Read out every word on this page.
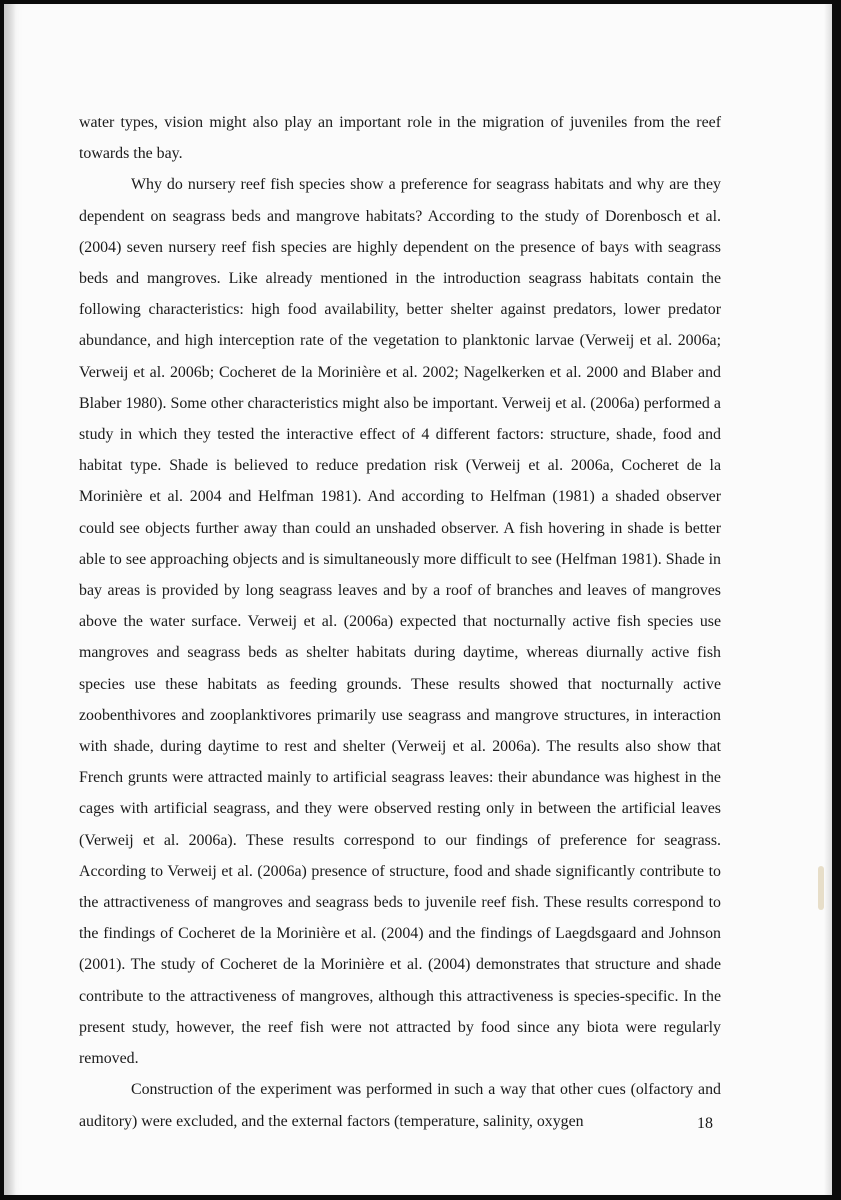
water types, vision might also play an important role in the migration of juveniles from the reef towards the bay.

Why do nursery reef fish species show a preference for seagrass habitats and why are they dependent on seagrass beds and mangrove habitats? According to the study of Dorenbosch et al. (2004) seven nursery reef fish species are highly dependent on the presence of bays with seagrass beds and mangroves. Like already mentioned in the introduction seagrass habitats contain the following characteristics: high food availability, better shelter against predators, lower predator abundance, and high interception rate of the vegetation to planktonic larvae (Verweij et al. 2006a; Verweij et al. 2006b; Cocheret de la Morinière et al. 2002; Nagelkerken et al. 2000 and Blaber and Blaber 1980). Some other characteristics might also be important. Verweij et al. (2006a) performed a study in which they tested the interactive effect of 4 different factors: structure, shade, food and habitat type. Shade is believed to reduce predation risk (Verweij et al. 2006a, Cocheret de la Morinière et al. 2004 and Helfman 1981). And according to Helfman (1981) a shaded observer could see objects further away than could an unshaded observer. A fish hovering in shade is better able to see approaching objects and is simultaneously more difficult to see (Helfman 1981). Shade in bay areas is provided by long seagrass leaves and by a roof of branches and leaves of mangroves above the water surface. Verweij et al. (2006a) expected that nocturnally active fish species use mangroves and seagrass beds as shelter habitats during daytime, whereas diurnally active fish species use these habitats as feeding grounds. These results showed that nocturnally active zoobenthivores and zooplanktivores primarily use seagrass and mangrove structures, in interaction with shade, during daytime to rest and shelter (Verweij et al. 2006a). The results also show that French grunts were attracted mainly to artificial seagrass leaves: their abundance was highest in the cages with artificial seagrass, and they were observed resting only in between the artificial leaves (Verweij et al. 2006a). These results correspond to our findings of preference for seagrass. According to Verweij et al. (2006a) presence of structure, food and shade significantly contribute to the attractiveness of mangroves and seagrass beds to juvenile reef fish. These results correspond to the findings of Cocheret de la Morinière et al. (2004) and the findings of Laegdsgaard and Johnson (2001). The study of Cocheret de la Morinière et al. (2004) demonstrates that structure and shade contribute to the attractiveness of mangroves, although this attractiveness is species-specific. In the present study, however, the reef fish were not attracted by food since any biota were regularly removed.

Construction of the experiment was performed in such a way that other cues (olfactory and auditory) were excluded, and the external factors (temperature, salinity, oxygen	18
